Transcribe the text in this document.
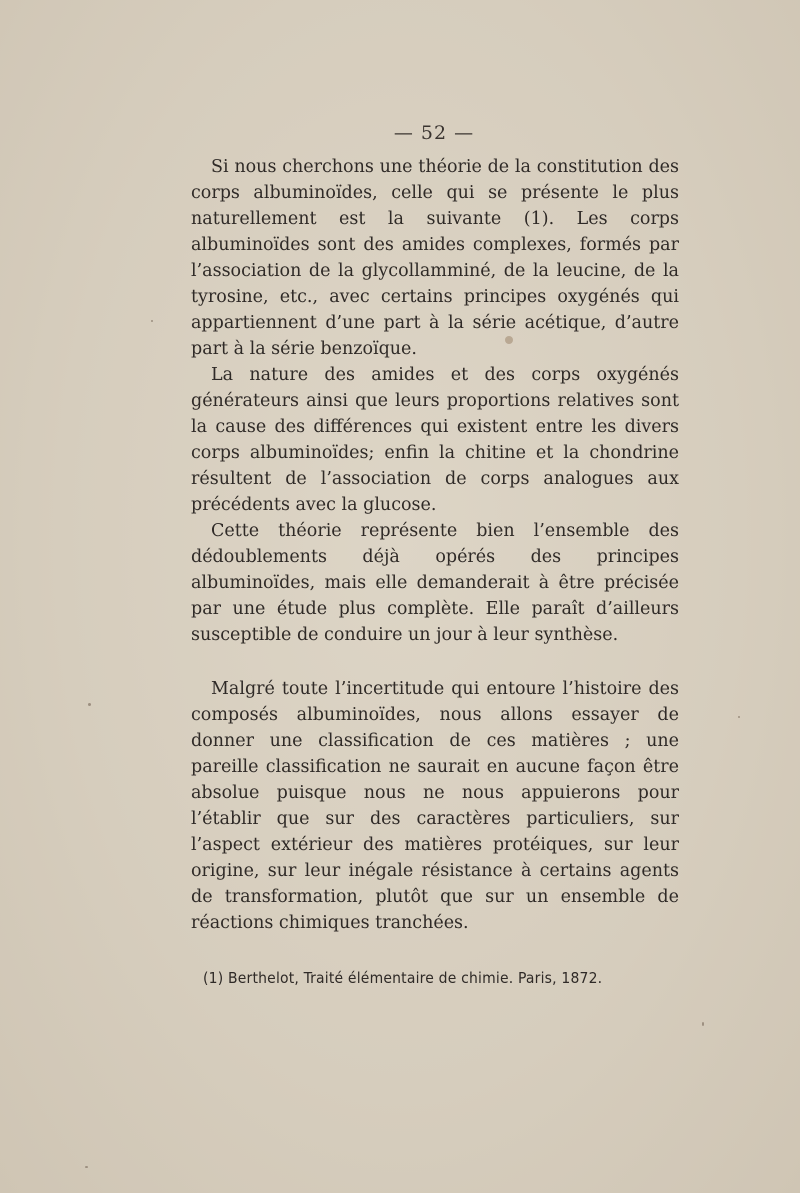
— 52 —

Si nous cherchons une théorie de la constitution des corps albuminoïdes, celle qui se présente le plus naturellement est la suivante (1). Les corps albuminoïdes sont des amides complexes, formés par l’association de la glycollamminé, de la leucine, de la tyrosine, etc., avec certains principes oxygénés qui appartiennent d’une part à la série acétique, d’autre part à la série benzoïque.

La nature des amides et des corps oxygénés générateurs ainsi que leurs proportions relatives sont la cause des différences qui existent entre les divers corps albuminoïdes; enfin la chitine et la chondrine résultent de l’association de corps analogues aux précédents avec la glucose.

Cette théorie représente bien l’ensemble des dédoublements déjà opérés des principes albuminoïdes, mais elle demanderait à être précisée par une étude plus complète. Elle paraît d’ailleurs susceptible de conduire un jour à leur synthèse.

Malgré toute l’incertitude qui entoure l’histoire des composés albuminoïdes, nous allons essayer de donner une classification de ces matières ; une pareille classification ne saurait en aucune façon être absolue puisque nous ne nous appuierons pour l’établir que sur des caractères particuliers, sur l’aspect extérieur des matières protéiques, sur leur origine, sur leur inégale résistance à certains agents de transformation, plutôt que sur un ensemble de réactions chimiques tranchées.

(1) Berthelot, Traité élémentaire de chimie. Paris, 1872.
